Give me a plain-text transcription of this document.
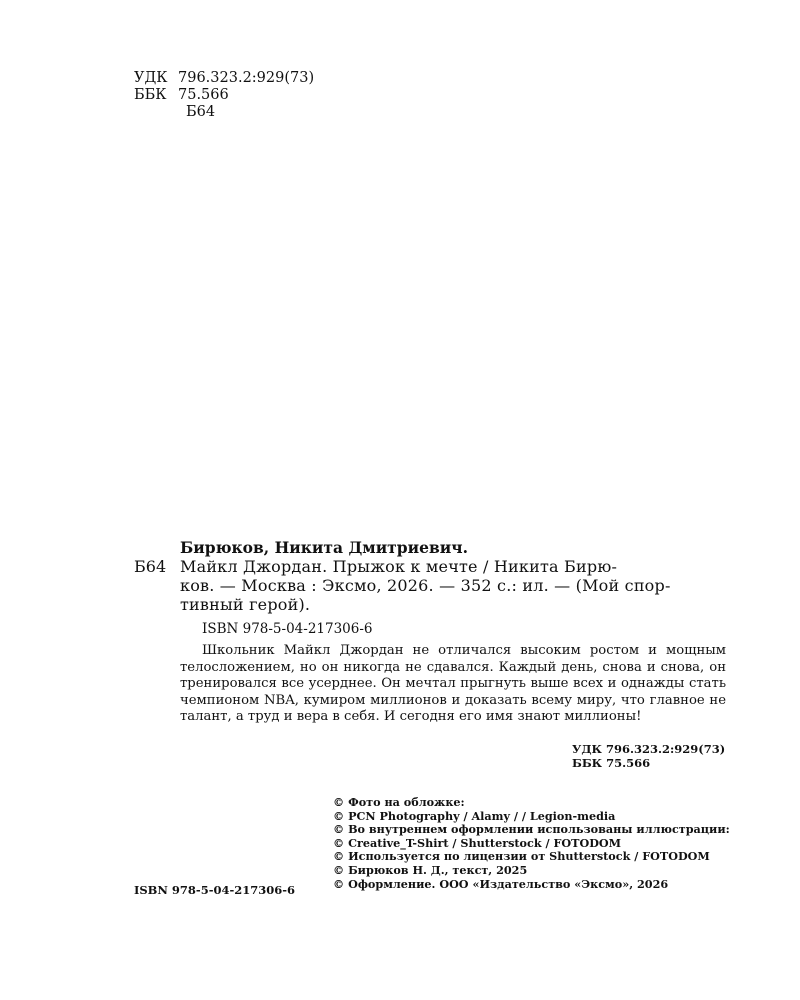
УДК 796.323.2:929(73)
ББК 75.566
Б64
Бирюков, Никита Дмитриевич.
Б64 Майкл Джордан. Прыжок к мечте / Никита Бирю-
ков. — Москва : Эксмо, 2026. — 352 с.: ил. — (Мой спор-
тивный герой).
ISBN 978-5-04-217306-6
Школьник Майкл Джордан не отличался высоким ростом и мощным телосложением, но он никогда не сдавался. Каждый день, снова и снова, он тренировался все усерднее. Он мечтал прыгнуть выше всех и однажды стать чемпионом NBA, кумиром миллионов и доказать всему миру, что главное не талант, а труд и вера в себя. И сегодня его имя знают миллионы!
УДК 796.323.2:929(73)
ББК 75.566
ISBN 978-5-04-217306-6
© Фото на обложке:
© PCN Photography / Alamy / / Legion-media
© Во внутреннем оформлении использованы иллюстрации:
© Creative_T-Shirt / Shutterstock / FOTODOM
© Используется по лицензии от Shutterstock / FOTODOM
© Бирюков Н. Д., текст, 2025
© Оформление. ООО «Издательство «Эксмо», 2026
